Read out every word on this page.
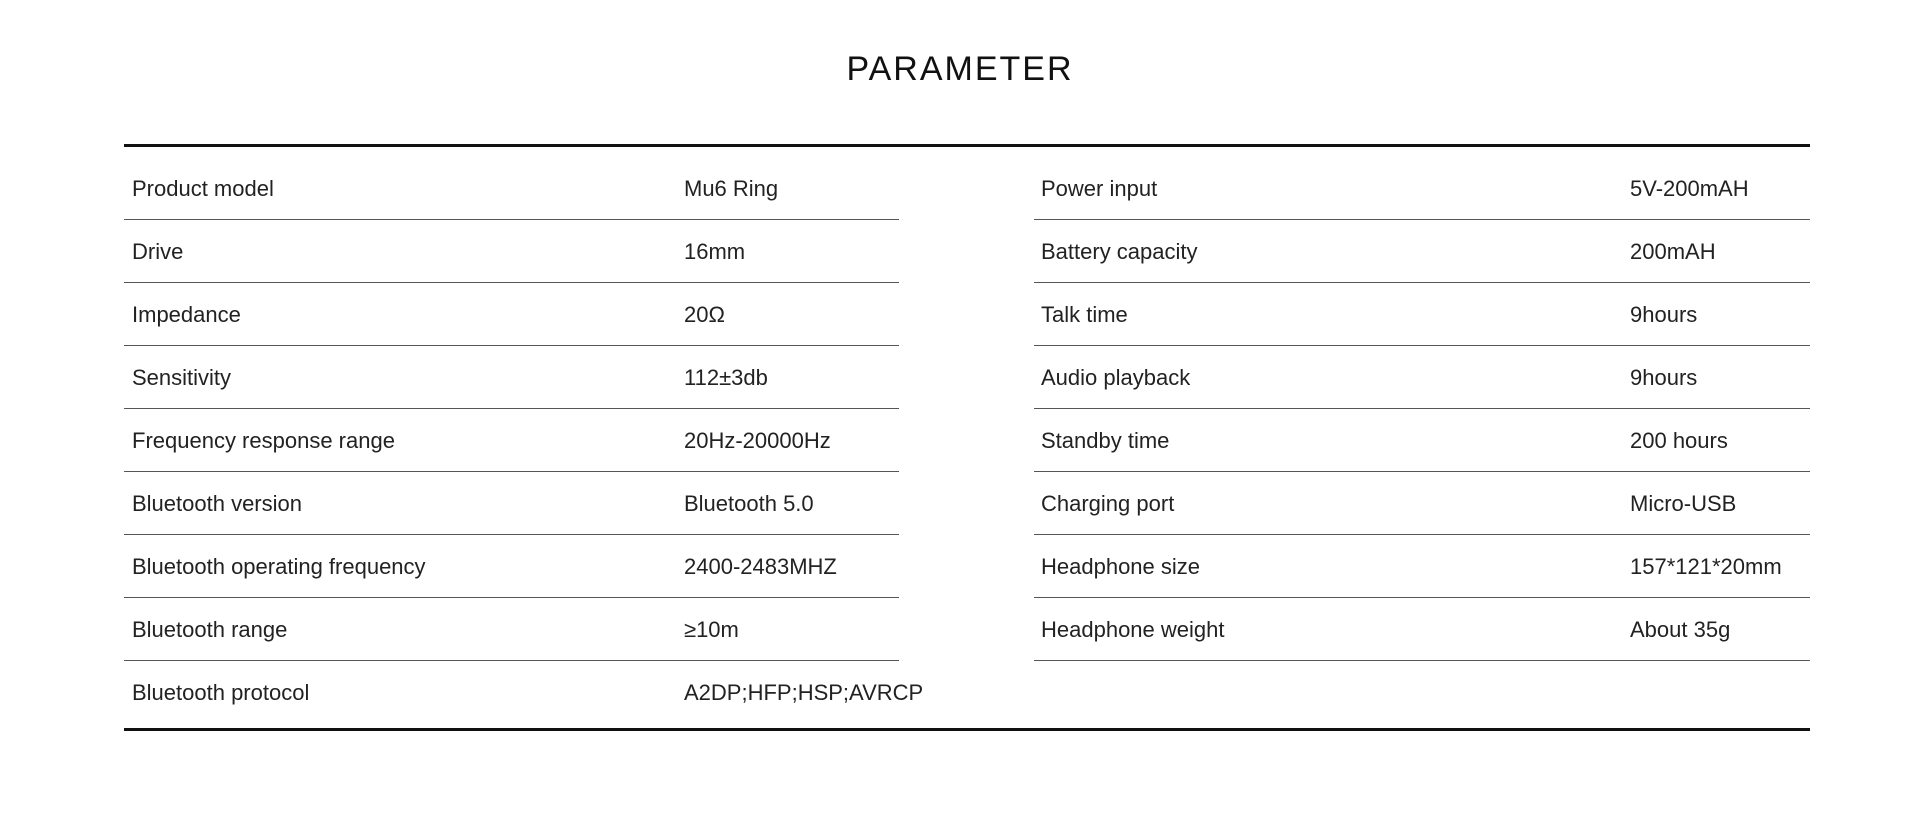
PARAMETER
Product model	Mu6 Ring
Drive	16mm
Impedance	20Ω
Sensitivity	112±3db
Frequency response range	20Hz-20000Hz
Bluetooth version	Bluetooth 5.0
Bluetooth operating frequency	2400-2483MHZ
Bluetooth range	≥10m
Bluetooth protocol	A2DP;HFP;HSP;AVRCP
Power input	5V-200mAH
Battery capacity	200mAH
Talk time	9hours
Audio playback	9hours
Standby time	200 hours
Charging port	Micro-USB
Headphone size	157*121*20mm
Headphone weight	About 35g
